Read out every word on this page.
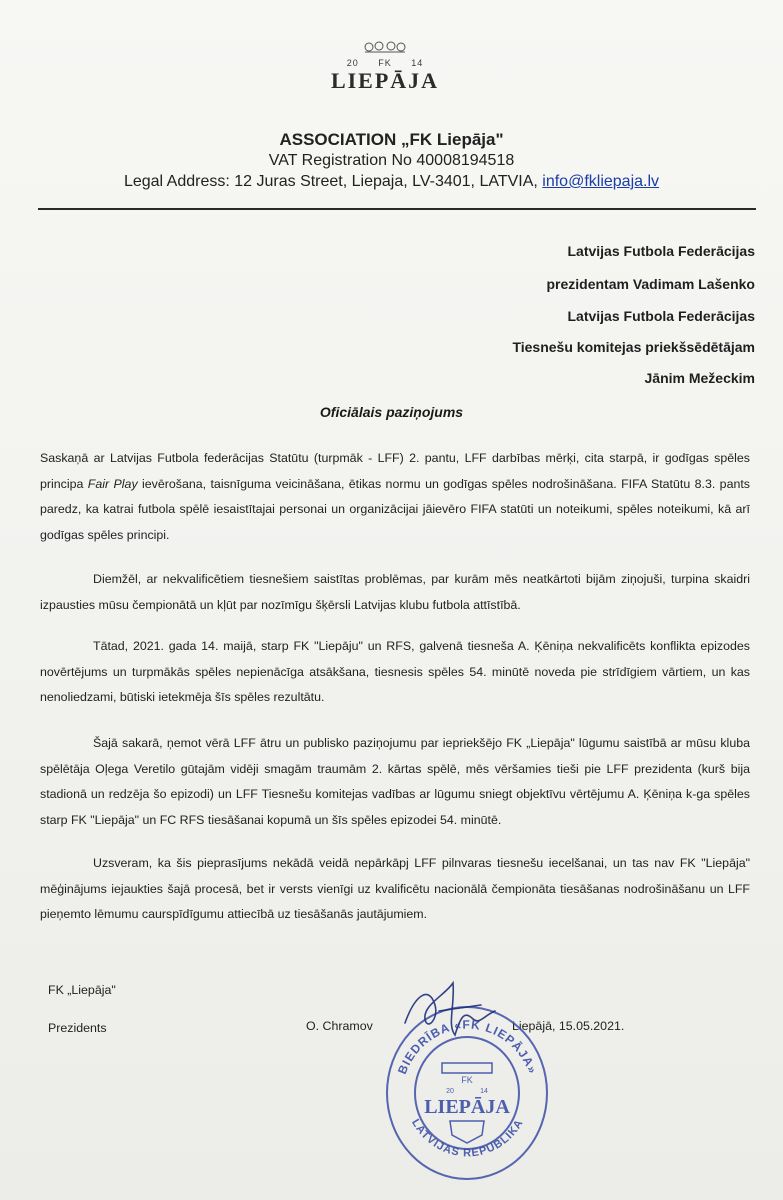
20 FK 14
LIEPĀJA
ASSOCIATION „FK Liepāja"
VAT Registration No 40008194518
Legal Address: 12 Juras Street, Liepaja, LV-3401, LATVIA, info@fkliepaja.lv
Latvijas Futbola Federācijas
prezidentam Vadimam Lašenko
Latvijas Futbola Federācijas
Tiesnešu komitejas priekšsēdētājam
Jānim Mežeckim
Oficiālais paziņojums
Saskaņā ar Latvijas Futbola federācijas Statūtu (turpmāk - LFF) 2. pantu, LFF darbības mērķi, cita starpā, ir godīgas spēles principa Fair Play ievērošana, taisnīguma veicināšana, ētikas normu un godīgas spēles nodrošināšana. FIFA Statūtu 8.3. pants paredz, ka katrai futbola spēlē iesaistītajai personai un organizācijai jāievēro FIFA statūti un noteikumi, spēles noteikumi, kā arī godīgas spēles principi.
Diemžēl, ar nekvalificētiem tiesnešiem saistītas problēmas, par kurām mēs neatkārtoti bijām ziņojuši, turpina skaidri izpausties mūsu čempionātā un kļūt par nozīmīgu šķērsli Latvijas klubu futbola attīstībā.
Tātad, 2021. gada 14. maijā, starp FK "Liepāju" un RFS, galvenā tiesneša A. Ķēniņa nekvalificēts konflikta epizodes novērtējums un turpmākās spēles nepienācīga atsākšana, tiesnesis spēles 54. minūtē noveda pie strīdīgiem vārtiem, un kas nenoliedzami, būtiski ietekmēja šīs spēles rezultātu.
Šajā sakarā, ņemot vērā LFF ātru un publisko paziņojumu par iepriekšējo FK „Liepāja" lūgumu saistībā ar mūsu kluba spēlētāja Oļega Veretilo gūtajām vidēji smagām traumām 2. kārtas spēlē, mēs vēršamies tieši pie LFF prezidenta (kurš bija stadionā un redzēja šo epizodi) un LFF Tiesnešu komitejas vadības ar lūgumu sniegt objektīvu vērtējumu A. Ķēniņa k-ga spēles starp FK "Liepāja" un FC RFS tiesāšanai kopumā un šīs spēles epizodei 54. minūtē.
Uzsveram, ka šis pieprasījums nekādā veidā nepārkāpj LFF pilnvaras tiesnešu iecelšanai, un tas nav FK "Liepāja" mēģinājums iejaukties šajā procesā, bet ir versts vienīgi uz kvalificētu nacionālā čempionāta tiesāšanas nodrošināšanu un LFF pieņemto lēmumu caurspīdīgumu attiecībā uz tiesāšanās jautājumiem.
FK „Liepāja"
Prezidents	O. Chramov	Liepājā, 15.05.2021.
BIEDRĪBA «FK LIEPĀJA»
LATVIJAS REPUBLIKA
FK
20	14
LIEPĀJA
